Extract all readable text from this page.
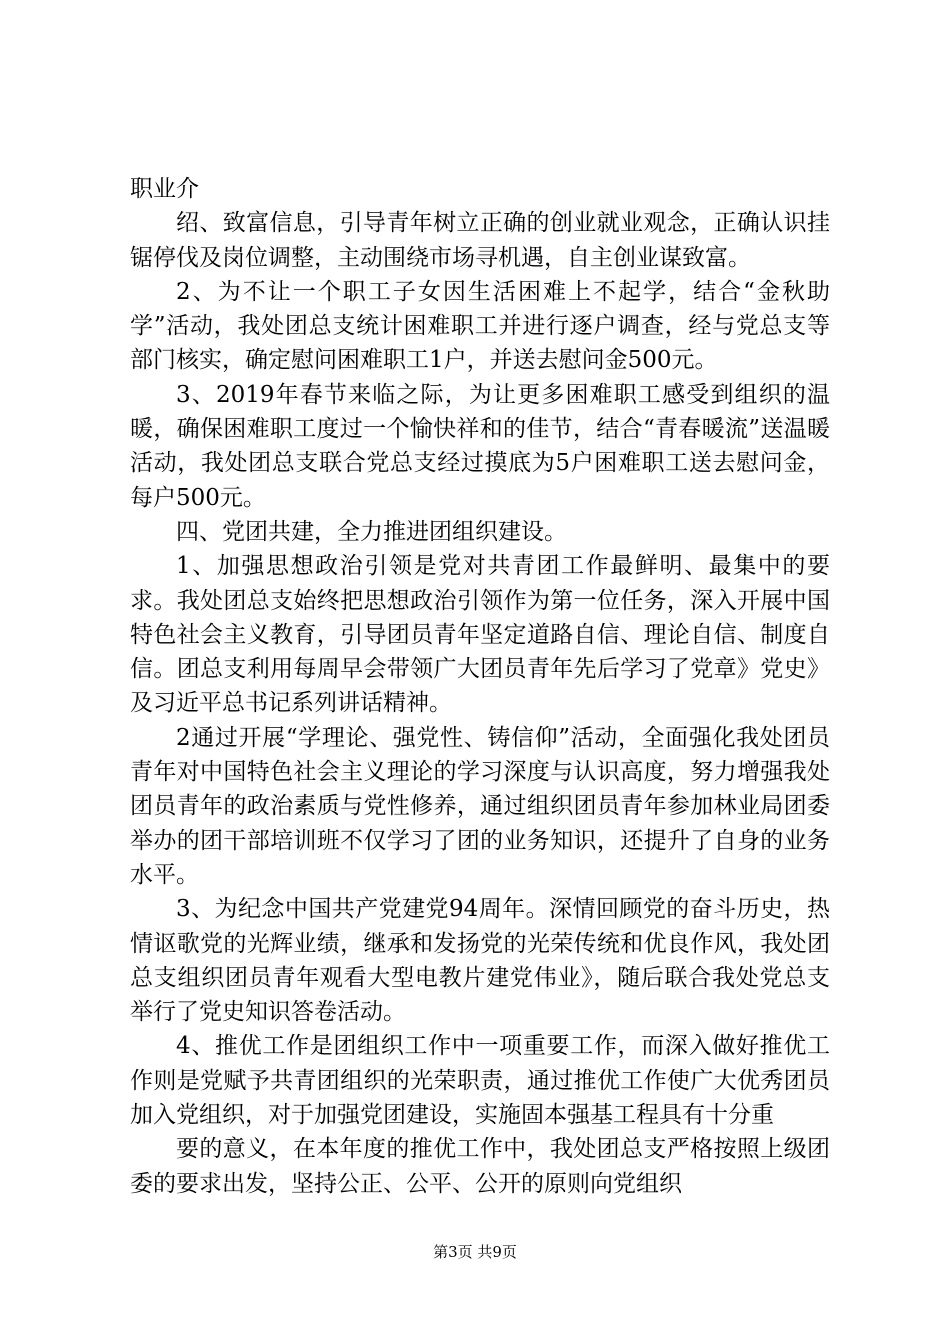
职业介

绍、致富信息，引导青年树立正确的创业就业观念，正确认识挂锯停伐及岗位调整，主动围绕市场寻机遇，自主创业谋致富。

2、为不让一个职工子女因生活困难上不起学，结合“金秋助学”活动，我处团总支统计困难职工并进行逐户调查，经与党总支等部门核实，确定慰问困难职工1户，并送去慰问金500元。

3、2019年春节来临之际，为让更多困难职工感受到组织的温暖，确保困难职工度过一个愉快祥和的佳节，结合“青春暖流”送温暖活动，我处团总支联合党总支经过摸底为5户困难职工送去慰问金，每户500元。

四、党团共建，全力推进团组织建设。

1、加强思想政治引领是党对共青团工作最鲜明、最集中的要求。我处团总支始终把思想政治引领作为第一位任务，深入开展中国特色社会主义教育，引导团员青年坚定道路自信、理论自信、制度自信。团总支利用每周早会带领广大团员青年先后学习了党章》党史》及习近平总书记系列讲话精神。

2通过开展“学理论、强党性、铸信仰”活动，全面强化我处团员青年对中国特色社会主义理论的学习深度与认识高度，努力增强我处团员青年的政治素质与党性修养，通过组织团员青年参加林业局团委举办的团干部培训班不仅学习了团的业务知识，还提升了自身的业务水平。

3、为纪念中国共产党建党94周年。深情回顾党的奋斗历史，热情讴歌党的光辉业绩，继承和发扬党的光荣传统和优良作风，我处团总支组织团员青年观看大型电教片建党伟业》，随后联合我处党总支举行了党史知识答卷活动。

4、推优工作是团组织工作中一项重要工作，而深入做好推优工作则是党赋予共青团组织的光荣职责，通过推优工作使广大优秀团员加入党组织，对于加强党团建设，实施固本强基工程具有十分重

要的意义，在本年度的推优工作中，我处团总支严格按照上级团委的要求出发，坚持公正、公平、公开的原则向党组织

第3页 共9页
